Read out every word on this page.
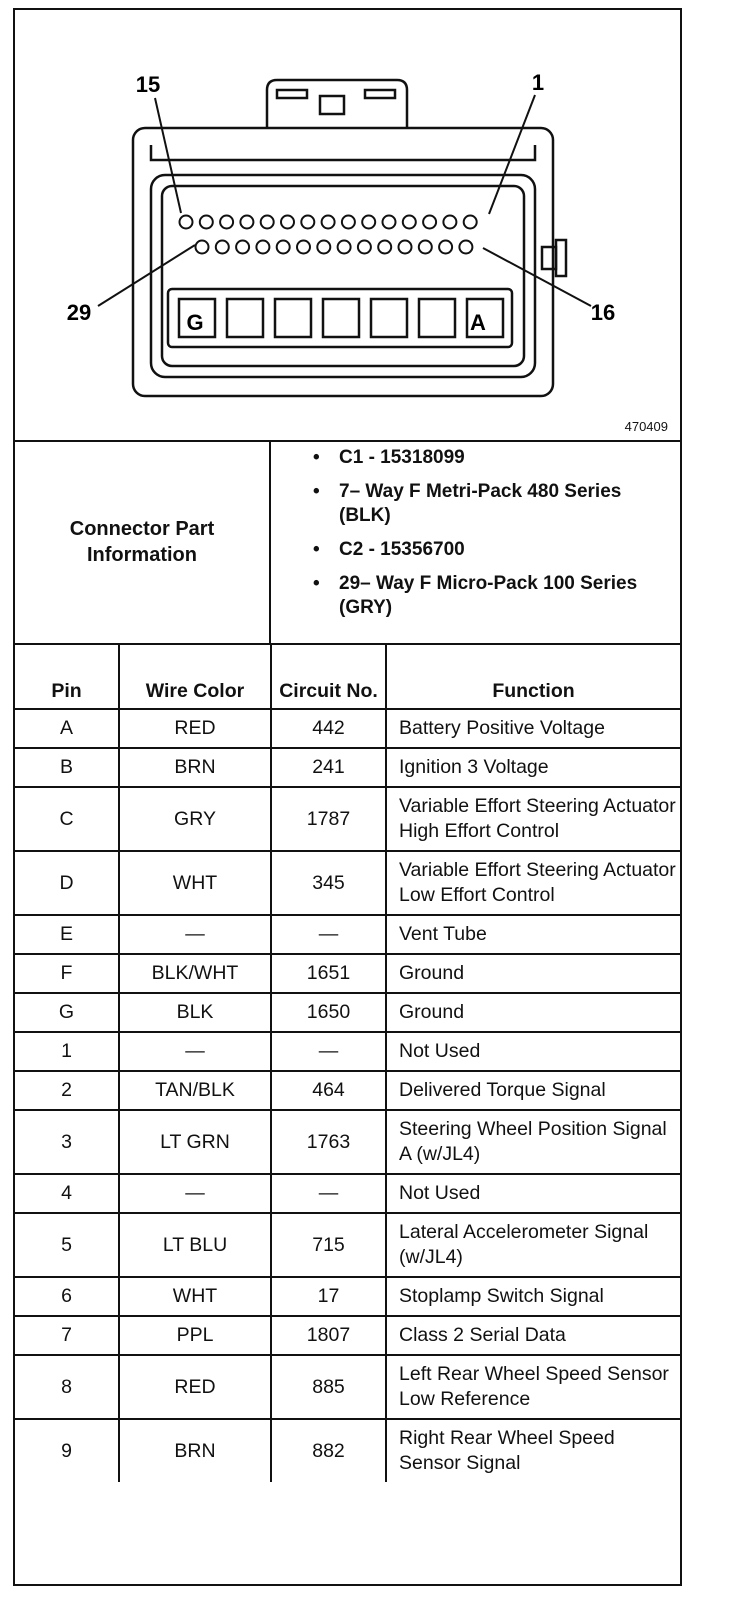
G	A
15	1
29	16
470409
Connector Part Information
• C1 - 15318099
• 7– Way F Metri-Pack 480 Series (BLK)
• C2 - 15356700
• 29– Way F Micro-Pack 100 Series (GRY)
Pin	Wire Color	Circuit No.	Function
A	RED	442	Battery Positive Voltage
B	BRN	241	Ignition 3 Voltage
C	GRY	1787	Variable Effort Steering Actuator High Effort Control
D	WHT	345	Variable Effort Steering Actuator Low Effort Control
E	—	—	Vent Tube
F	BLK/WHT	1651	Ground
G	BLK	1650	Ground
1	—	—	Not Used
2	TAN/BLK	464	Delivered Torque Signal
3	LT GRN	1763	Steering Wheel Position Signal A (w/JL4)
4	—	—	Not Used
5	LT BLU	715	Lateral Accelerometer Signal (w/JL4)
6	WHT	17	Stoplamp Switch Signal
7	PPL	1807	Class 2 Serial Data
8	RED	885	Left Rear Wheel Speed Sensor Low Reference
9	BRN	882	Right Rear Wheel Speed Sensor Signal
